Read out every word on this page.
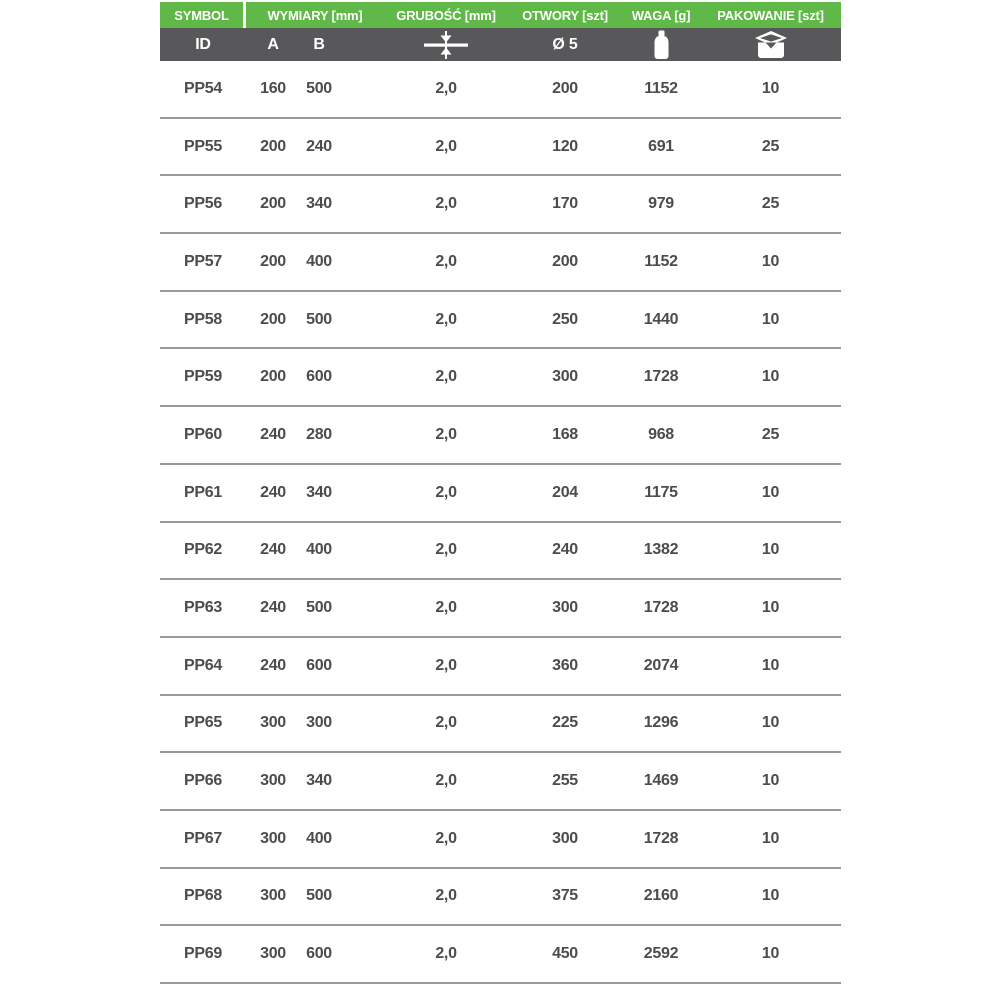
SYMBOL	WYMIARY [mm]	GRUBOŚĆ [mm]	OTWORY [szt]	WAGA [g]	PAKOWANIE [szt]
ID	A	B	Ø 5
PP54	160	500	2,0	200	1152	10
PP55	200	240	2,0	120	691	25
PP56	200	340	2,0	170	979	25
PP57	200	400	2,0	200	1152	10
PP58	200	500	2,0	250	1440	10
PP59	200	600	2,0	300	1728	10
PP60	240	280	2,0	168	968	25
PP61	240	340	2,0	204	1175	10
PP62	240	400	2,0	240	1382	10
PP63	240	500	2,0	300	1728	10
PP64	240	600	2,0	360	2074	10
PP65	300	300	2,0	225	1296	10
PP66	300	340	2,0	255	1469	10
PP67	300	400	2,0	300	1728	10
PP68	300	500	2,0	375	2160	10
PP69	300	600	2,0	450	2592	10
